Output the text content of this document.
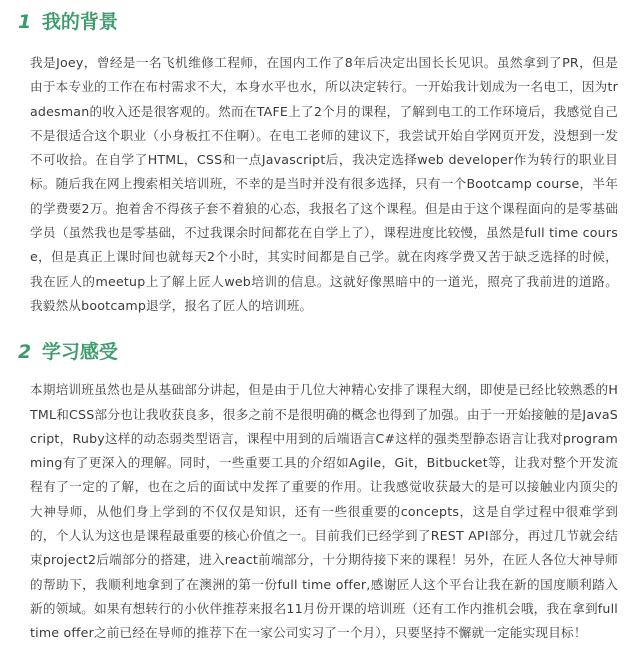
1 我的背景

我是Joey，曾经是一名飞机维修工程师，在国内工作了8年后决定出国长长见识。虽然拿到了PR，但是由于本专业的工作在布村需求不大，本身水平也水，所以决定转行。一开始我计划成为一名电工，因为tradesman的收入还是很客观的。然而在TAFE上了2个月的课程，了解到电工的工作环境后，我感觉自己不是很适合这个职业（小身板扛不住啊）。在电工老师的建议下，我尝试开始自学网页开发，没想到一发不可收拾。在自学了HTML，CSS和一点Javascript后，我决定选择web developer作为转行的职业目标。随后我在网上搜索相关培训班，不幸的是当时并没有很多选择，只有一个Bootcamp course，半年的学费要2万。抱着舍不得孩子套不着狼的心态，我报名了这个课程。但是由于这个课程面向的是零基础学员（虽然我也是零基础，不过我课余时间都花在自学上了），课程进度比较慢，虽然是full time course，但是真正上课时间也就每天2个小时，其实时间都是自己学。就在肉疼学费又苦于缺乏选择的时候，我在匠人的meetup上了解上匠人web培训的信息。这就好像黑暗中的一道光，照亮了我前进的道路。我毅然从bootcamp退学，报名了匠人的培训班。

2 学习感受

本期培训班虽然也是从基础部分讲起，但是由于几位大神精心安排了课程大纲，即使是已经比较熟悉的HTML和CSS部分也让我收获良多，很多之前不是很明确的概念也得到了加强。由于一开始接触的是JavaScript，Ruby这样的动态弱类型语言，课程中用到的后端语言C#这样的强类型静态语言让我对programming有了更深入的理解。同时，一些重要工具的介绍如Agile，Git，Bitbucket等，让我对整个开发流程有了一定的了解，也在之后的面试中发挥了重要的作用。让我感觉收获最大的是可以接触业内顶尖的大神导师，从他们身上学到的不仅仅是知识，还有一些很重要的concepts，这是自学过程中很难学到的，个人认为这也是课程最重要的核心价值之一。目前我们已经学到了REST API部分，再过几节就会结束project2后端部分的搭建，进入react前端部分，十分期待接下来的课程！另外，在匠人各位大神导师的帮助下，我顺利地拿到了在澳洲的第一份full time offer,感谢匠人这个平台让我在新的国度顺利踏入新的领域。如果有想转行的小伙伴推荐来报名11月份开课的培训班（还有工作内推机会哦，我在拿到full time offer之前已经在导师的推荐下在一家公司实习了一个月），只要坚持不懈就一定能实现目标！
